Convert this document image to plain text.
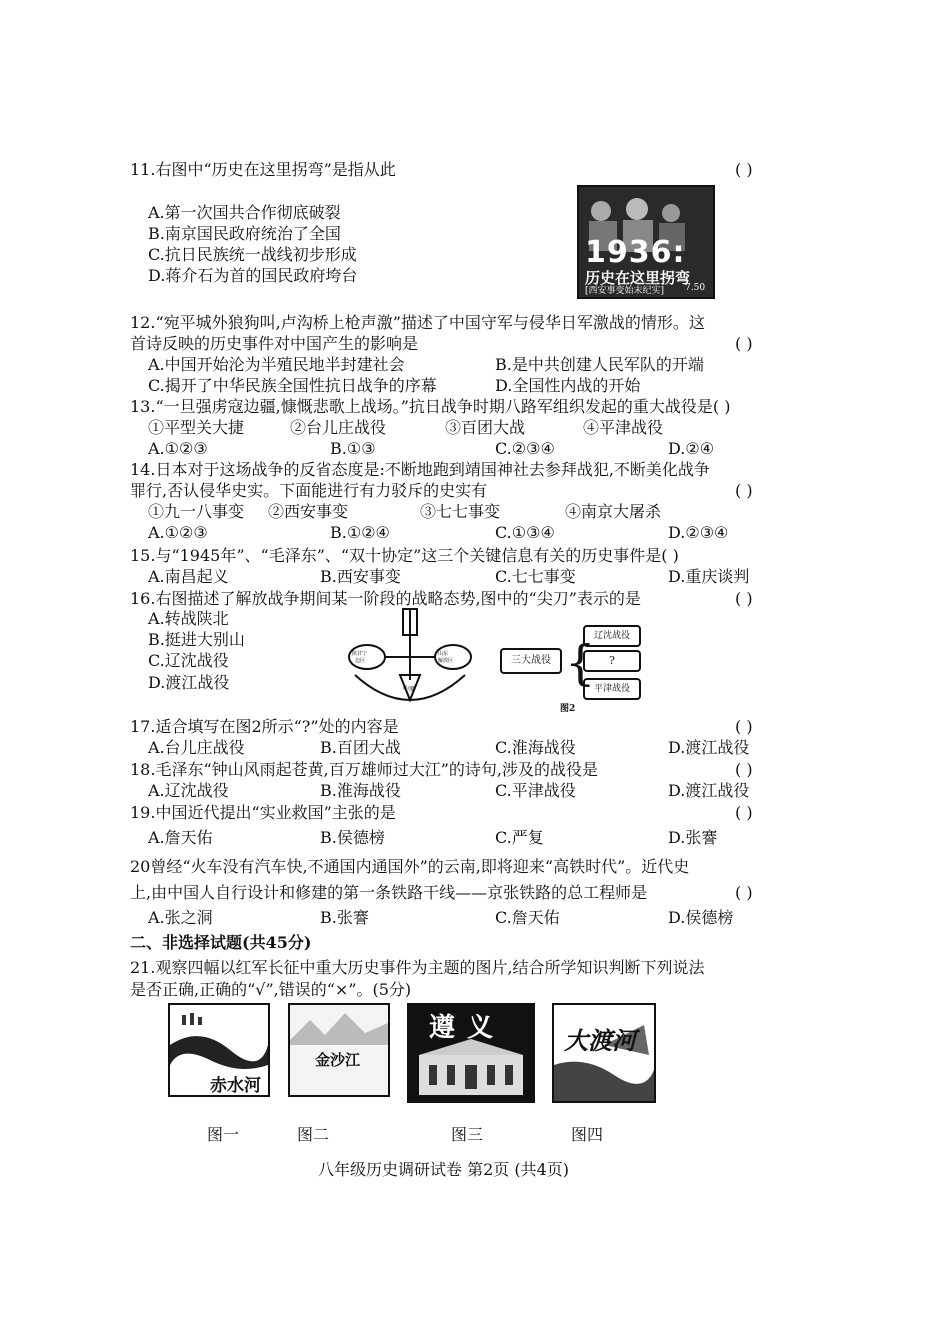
11.右图中“历史在这里拐弯”是指从此	( )
A.第一次国共合作彻底破裂
B.南京国民政府统治了全国
C.抗日民族统一战线初步形成
D.蒋介石为首的国民政府垮台
1936:
历史在这里拐弯
[西安事变始末纪实] 7.50
12.“宛平城外狼狗叫,卢沟桥上枪声激”描述了中国守军与侵华日军激战的情形。这
首诗反映的历史事件对中国产生的影响是	( )
A.中国开始沦为半殖民地半封建社会	B.是中共创建人民军队的开端
C.揭开了中华民族全国性抗日战争的序幕	D.全国性内战的开始
13.“一旦强虏寇边疆,慷慨悲歌上战场。”抗日战争时期八路军组织发起的重大战役是( )
①平型关大捷	②台儿庄战役	③百团大战	④平津战役
A.①②③	B.①③	C.②③④	D.②④
14.日本对于这场战争的反省态度是:不断地跑到靖国神社去参拜战犯,不断美化战争
罪行,否认侵华史实。下面能进行有力驳斥的史实有	( )
①九一八事变 ②西安事变	③七七事变	④南京大屠杀
A.①②③	B.①②④	C.①③④	D.②③④
15.与“1945年”、“毛泽东”、“双十协定”这三个关键信息有关的历史事件是( )
A.南昌起义	B.西安事变	C.七七事变	D.重庆谈判
16.右图描述了解放战争期间某一阶段的战略态势,图中的“尖刀”表示的是	( )
A.转战陕北
B.挺进大别山
C.辽沈战役
D.渡江战役
陕甘宁
边区
山东
解放区
中原
三大战役 {
辽沈战役
?
平津战役
图2
17.适合填写在图2所示“?”处的内容是	( )
A.台儿庄战役	B.百团大战	C.淮海战役	D.渡江战役
18.毛泽东“钟山风雨起苍黄,百万雄师过大江”的诗句,涉及的战役是	( )
A.辽沈战役	B.淮海战役	C.平津战役	D.渡江战役
19.中国近代提出“实业救国”主张的是	( )
A.詹天佑	B.侯德榜	C.严复	D.张謇
20曾经“火车没有汽车快,不通国内通国外”的云南,即将迎来“高铁时代”。近代史
上,由中国人自行设计和修建的第一条铁路干线——京张铁路的总工程师是	( )
A.张之洞	B.张謇	C.詹天佑	D.侯德榜
二、非选择试题(共45分)
21.观察四幅以红军长征中重大历史事件为主题的图片,结合所学知识判断下列说法
是否正确,正确的“√”,错误的“×”。(5分)
赤水河
金沙江
遵义 大渡河
图一	图二	图三	图四
八年级历史调研试卷 第2页 (共4页)
